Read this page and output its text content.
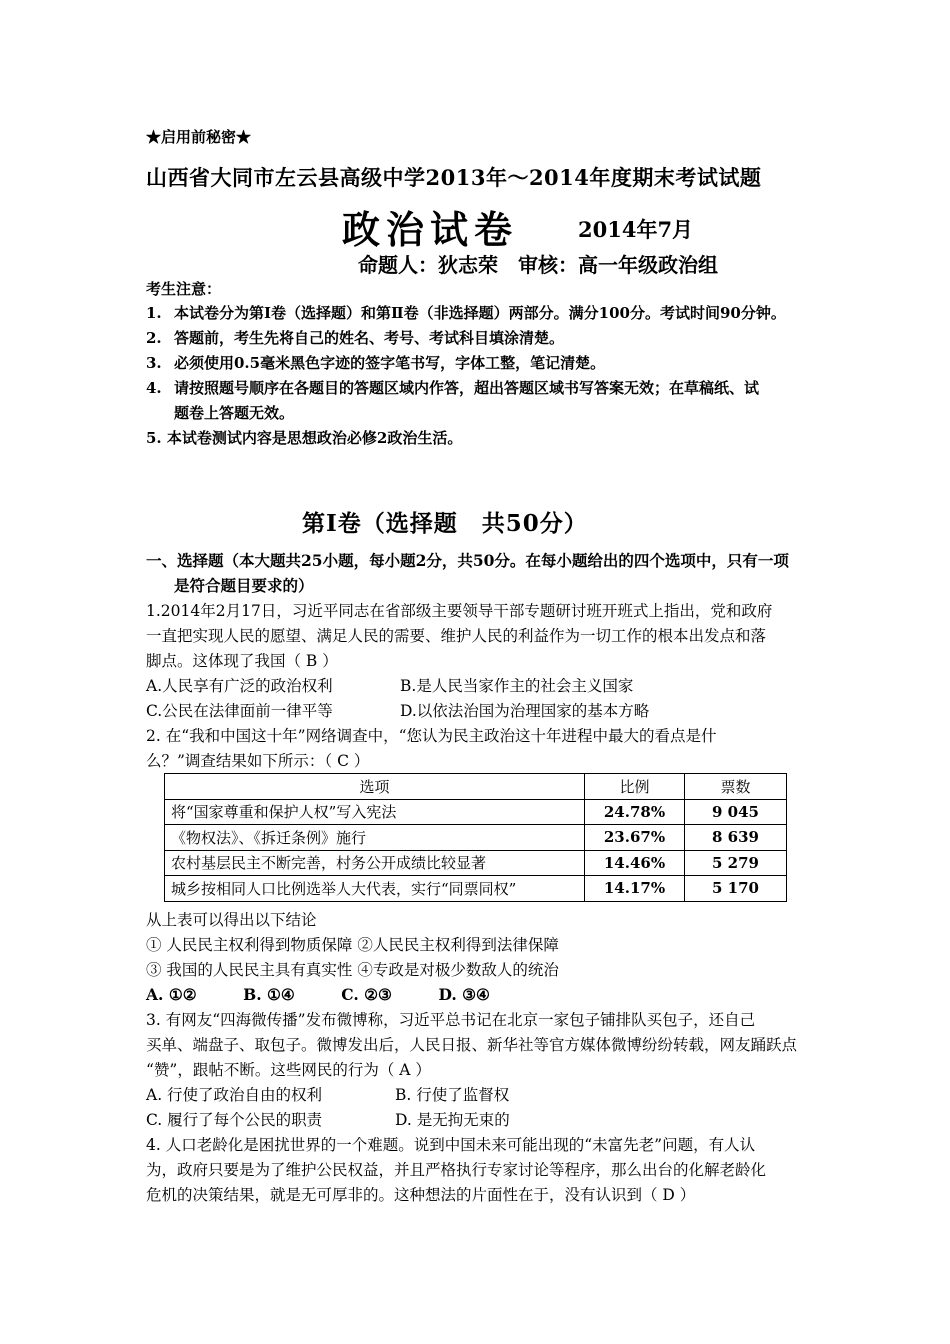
★启用前秘密★
山西省大同市左云县高级中学2013年～2014年度期末考试试题
政治试卷	2014年7月
命题人：狄志荣　审核：高一年级政治组
考生注意：
1. 本试卷分为第Ⅰ卷（选择题）和第Ⅱ卷（非选择题）两部分。满分100分。考试时间90分钟。
2. 答题前，考生先将自己的姓名、考号、考试科目填涂清楚。
3. 必须使用0.5毫米黑色字迹的签字笔书写，字体工整，笔记清楚。
4. 请按照题号顺序在各题目的答题区域内作答，超出答题区域书写答案无效；在草稿纸、试
题卷上答题无效。
5. 本试卷测试内容是思想政治必修2政治生活。
第Ⅰ卷（选择题　共50分）
一、选择题（本大题共25小题，每小题2分，共50分。在每小题给出的四个选项中，只有一项
是符合题目要求的）
1.2014年2月17日，习近平同志在省部级主要领导干部专题研讨班开班式上指出，党和政府
一直把实现人民的愿望、满足人民的需要、维护人民的利益作为一切工作的根本出发点和落
脚点。这体现了我国（ B ）
A.人民享有广泛的政治权利	B.是人民当家作主的社会主义国家
C.公民在法律面前一律平等	D.以依法治国为治理国家的基本方略
2. 在“我和中国这十年”网络调查中，“您认为民主政治这十年进程中最大的看点是什
么？”调查结果如下所示：（ C ）
选项	比例	票数
将“国家尊重和保护人权”写入宪法	24.78%	9 045
《物权法》、《拆迁条例》施行	23.67%	8 639
农村基层民主不断完善，村务公开成绩比较显著	14.46%	5 279
城乡按相同人口比例选举人大代表，实行“同票同权”	14.17%	5 170
从上表可以得出以下结论
① 人民民主权利得到物质保障 ②人民民主权利得到法律保障
③ 我国的人民民主具有真实性 ④专政是对极少数敌人的统治
A. ①②　　　B. ①④　　　C. ②③　　　D. ③④
3. 有网友“四海微传播”发布微博称，习近平总书记在北京一家包子铺排队买包子，还自己
买单、端盘子、取包子。微博发出后，人民日报、新华社等官方媒体微博纷纷转载，网友踊跃点
“赞”，跟帖不断。这些网民的行为（ A ）
A. 行使了政治自由的权利	B. 行使了监督权
C. 履行了每个公民的职责	D. 是无拘无束的
4. 人口老龄化是困扰世界的一个难题。说到中国未来可能出现的“未富先老”问题，有人认
为，政府只要是为了维护公民权益，并且严格执行专家讨论等程序，那么出台的化解老龄化
危机的决策结果，就是无可厚非的。这种想法的片面性在于，没有认识到（ D ）
